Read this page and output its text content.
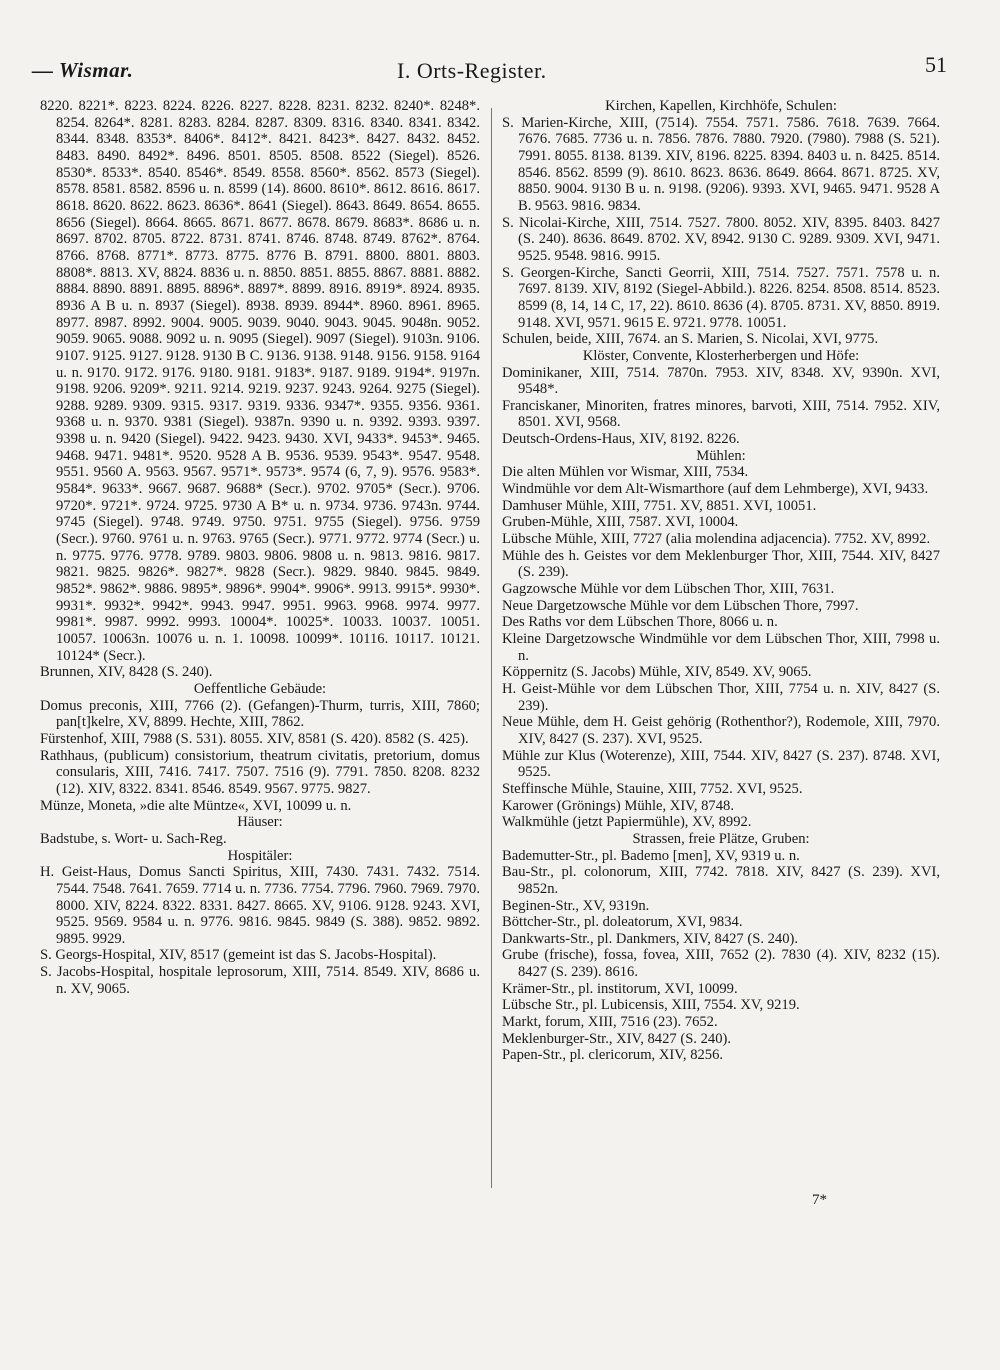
— Wismar.	I. Orts-Register.	51
8220. 8221*. 8223. 8224. 8226. 8227. 8228. 8231. 8232. 8240*. 8248*. 8254. 8264*. 8281. 8283. 8284. 8287. 8309. 8316. 8340. 8341. 8342. 8344. 8348. 8353*. 8406*. 8412*. 8421. 8423*. 8427. 8432. 8452. 8483. 8490. 8492*. 8496. 8501. 8505. 8508. 8522 (Siegel). 8526. 8530*. 8533*. 8540. 8546*. 8549. 8558. 8560*. 8562. 8573 (Siegel). 8578. 8581. 8582. 8596 u. n. 8599 (14). 8600. 8610*. 8612. 8616. 8617. 8618. 8620. 8622. 8623. 8636*. 8641 (Siegel). 8643. 8649. 8654. 8655. 8656 (Siegel). 8664. 8665. 8671. 8677. 8678. 8679. 8683*. 8686 u. n. 8697. 8702. 8705. 8722. 8731. 8741. 8746. 8748. 8749. 8762*. 8764. 8766. 8768. 8771*. 8773. 8775. 8776 B. 8791. 8800. 8801. 8803. 8808*. 8813. XV, 8824. 8836 u. n. 8850. 8851. 8855. 8867. 8881. 8882. 8884. 8890. 8891. 8895. 8896*. 8897*. 8899. 8916. 8919*. 8924. 8935. 8936 A B u. n. 8937 (Siegel). 8938. 8939. 8944*. 8960. 8961. 8965. 8977. 8987. 8992. 9004. 9005. 9039. 9040. 9043. 9045. 9048n. 9052. 9059. 9065. 9088. 9092 u. n. 9095 (Siegel). 9097 (Siegel). 9103n. 9106. 9107. 9125. 9127. 9128. 9130 B C. 9136. 9138. 9148. 9156. 9158. 9164 u. n. 9170. 9172. 9176. 9180. 9181. 9183*. 9187. 9189. 9194*. 9197n. 9198. 9206. 9209*. 9211. 9214. 9219. 9237. 9243. 9264. 9275 (Siegel). 9288. 9289. 9309. 9315. 9317. 9319. 9336. 9347*. 9355. 9356. 9361. 9368 u. n. 9370. 9381 (Siegel). 9387n. 9390 u. n. 9392. 9393. 9397. 9398 u. n. 9420 (Siegel). 9422. 9423. 9430. XVI, 9433*. 9453*. 9465. 9468. 9471. 9481*. 9520. 9528 A B. 9536. 9539. 9543*. 9547. 9548. 9551. 9560 A. 9563. 9567. 9571*. 9573*. 9574 (6, 7, 9). 9576. 9583*. 9584*. 9633*. 9667. 9687. 9688* (Secr.). 9702. 9705* (Secr.). 9706. 9720*. 9721*. 9724. 9725. 9730 A B* u. n. 9734. 9736. 9743n. 9744. 9745 (Siegel). 9748. 9749. 9750. 9751. 9755 (Siegel). 9756. 9759 (Secr.). 9760. 9761 u. n. 9763. 9765 (Secr.). 9771. 9772. 9774 (Secr.) u. n. 9775. 9776. 9778. 9789. 9803. 9806. 9808 u. n. 9813. 9816. 9817. 9821. 9825. 9826*. 9827*. 9828 (Secr.). 9829. 9840. 9845. 9849. 9852*. 9862*. 9886. 9895*. 9896*. 9904*. 9906*. 9913. 9915*. 9930*. 9931*. 9932*. 9942*. 9943. 9947. 9951. 9963. 9968. 9974. 9977. 9981*. 9987. 9992. 9993. 10004*. 10025*. 10033. 10037. 10051. 10057. 10063n. 10076 u. n. 1. 10098. 10099*. 10116. 10117. 10121. 10124* (Secr.).
Brunnen, XIV, 8428 (S. 240).
Oeffentliche Gebäude:
Domus preconis, XIII, 7766 (2). (Gefangen)-Thurm, turris, XIII, 7860; pan[t]kelre, XV, 8899. Hechte, XIII, 7862.
Fürstenhof, XIII, 7988 (S. 531). 8055. XIV, 8581 (S. 420). 8582 (S. 425).
Rathhaus, (publicum) consistorium, theatrum civitatis, pretorium, domus consularis, XIII, 7416. 7417. 7507. 7516 (9). 7791. 7850. 8208. 8232 (12). XIV, 8322. 8341. 8546. 8549. 9567. 9775. 9827.
Münze, Moneta, »die alte Müntze«, XVI, 10099 u. n.
Häuser:
Badstube, s. Wort- u. Sach-Reg.
Hospitäler:
H. Geist-Haus, Domus Sancti Spiritus, XIII, 7430. 7431. 7432. 7514. 7544. 7548. 7641. 7659. 7714 u. n. 7736. 7754. 7796. 7960. 7969. 7970. 8000. XIV, 8224. 8322. 8331. 8427. 8665. XV, 9106. 9128. 9243. XVI, 9525. 9569. 9584 u. n. 9776. 9816. 9845. 9849 (S. 388). 9852. 9892. 9895. 9929.
S. Georgs-Hospital, XIV, 8517 (gemeint ist das S. Jacobs-Hospital).
S. Jacobs-Hospital, hospitale leprosorum, XIII, 7514. 8549. XIV, 8686 u. n. XV, 9065.
Kirchen, Kapellen, Kirchhöfe, Schulen:
S. Marien-Kirche, XIII, (7514). 7554. 7571. 7586. 7618. 7639. 7664. 7676. 7685. 7736 u. n. 7856. 7876. 7880. 7920. (7980). 7988 (S. 521). 7991. 8055. 8138. 8139. XIV, 8196. 8225. 8394. 8403 u. n. 8425. 8514. 8546. 8562. 8599 (9). 8610. 8623. 8636. 8649. 8664. 8671. 8725. XV, 8850. 9004. 9130 B u. n. 9198. (9206). 9393. XVI, 9465. 9471. 9528 A B. 9563. 9816. 9834.
S. Nicolai-Kirche, XIII, 7514. 7527. 7800. 8052. XIV, 8395. 8403. 8427 (S. 240). 8636. 8649. 8702. XV, 8942. 9130 C. 9289. 9309. XVI, 9471. 9525. 9548. 9816. 9915.
S. Georgen-Kirche, Sancti Georrii, XIII, 7514. 7527. 7571. 7578 u. n. 7697. 8139. XIV, 8192 (Siegel-Abbild.). 8226. 8254. 8508. 8514. 8523. 8599 (8, 14, 14 C, 17, 22). 8610. 8636 (4). 8705. 8731. XV, 8850. 8919. 9148. XVI, 9571. 9615 E. 9721. 9778. 10051.
Schulen, beide, XIII, 7674. an S. Marien, S. Nicolai, XVI, 9775.
Klöster, Convente, Klosterherbergen und Höfe:
Dominikaner, XIII, 7514. 7870n. 7953. XIV, 8348. XV, 9390n. XVI, 9548*.
Franciskaner, Minoriten, fratres minores, barvoti, XIII, 7514. 7952. XIV, 8501. XVI, 9568.
Deutsch-Ordens-Haus, XIV, 8192. 8226.
Mühlen:
Die alten Mühlen vor Wismar, XIII, 7534.
Windmühle vor dem Alt-Wismarthore (auf dem Lehmberge), XVI, 9433.
Damhuser Mühle, XIII, 7751. XV, 8851. XVI, 10051.
Gruben-Mühle, XIII, 7587. XVI, 10004.
Lübsche Mühle, XIII, 7727 (alia molendina adjacencia). 7752. XV, 8992.
Mühle des h. Geistes vor dem Meklenburger Thor, XIII, 7544. XIV, 8427 (S. 239).
Gagzowsche Mühle vor dem Lübschen Thor, XIII, 7631.
Neue Dargetzowsche Mühle vor dem Lübschen Thore, 7997.
Des Raths vor dem Lübschen Thore, 8066 u. n.
Kleine Dargetzowsche Windmühle vor dem Lübschen Thor, XIII, 7998 u. n.
Köppernitz (S. Jacobs) Mühle, XIV, 8549. XV, 9065.
H. Geist-Mühle vor dem Lübschen Thor, XIII, 7754 u. n. XIV, 8427 (S. 239).
Neue Mühle, dem H. Geist gehörig (Rothenthor?), Rodemole, XIII, 7970. XIV, 8427 (S. 237). XVI, 9525.
Mühle zur Klus (Woterenze), XIII, 7544. XIV, 8427 (S. 237). 8748. XVI, 9525.
Steffinsche Mühle, Stauine, XIII, 7752. XVI, 9525.
Karower (Grönings) Mühle, XIV, 8748.
Walkmühle (jetzt Papiermühle), XV, 8992.
Strassen, freie Plätze, Gruben:
Bademutter-Str., pl. Bademo [men], XV, 9319 u. n.
Bau-Str., pl. colonorum, XIII, 7742. 7818. XIV, 8427 (S. 239). XVI, 9852n.
Beginen-Str., XV, 9319n.
Böttcher-Str., pl. doleatorum, XVI, 9834.
Dankwarts-Str., pl. Dankmers, XIV, 8427 (S. 240).
Grube (frische), fossa, fovea, XIII, 7652 (2). 7830 (4). XIV, 8232 (15). 8427 (S. 239). 8616.
Krämer-Str., pl. institorum, XVI, 10099.
Lübsche Str., pl. Lubicensis, XIII, 7554. XV, 9219.
Markt, forum, XIII, 7516 (23). 7652.
Meklenburger-Str., XIV, 8427 (S. 240).
Papen-Str., pl. clericorum, XIV, 8256.
7*
